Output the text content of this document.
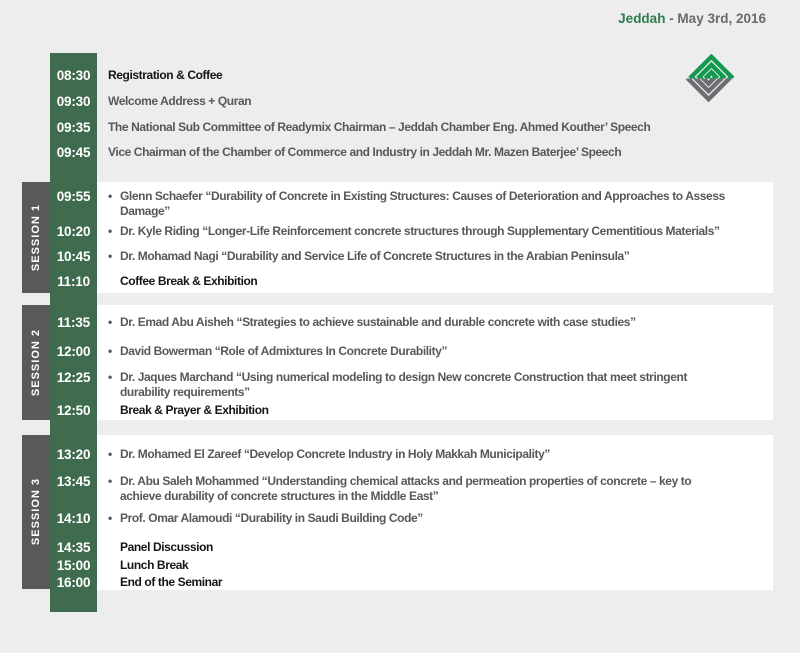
Jeddah - May 3rd, 2016
SESSION 1
SESSION 2
SESSION 3
08:30	Registration & Coffee
09:30	Welcome Address + Quran
09:35	The National Sub Committee of Readymix Chairman – Jeddah Chamber Eng. Ahmed Kouther’ Speech
09:45	Vice Chairman of the Chamber of Commerce and Industry in Jeddah Mr. Mazen Baterjee’ Speech
09:55	• Glenn Schaefer “Durability of Concrete in Existing Structures: Causes of Deterioration and Approaches to Assess Damage”
10:20	• Dr. Kyle Riding “Longer-Life Reinforcement concrete structures through Supplementary Cementitious Materials”
10:45	• Dr. Mohamad Nagi “Durability and Service Life of Concrete Structures in the Arabian Peninsula”
11:10	Coffee Break & Exhibition
11:35	• Dr. Emad Abu Aisheh “Strategies to achieve sustainable and durable concrete with case studies”
12:00	• David Bowerman “Role of Admixtures In Concrete Durability”
12:25	• Dr. Jaques Marchand “Using numerical modeling to design New concrete Construction that meet stringent durability requirements”
12:50	Break & Prayer & Exhibition
13:20	• Dr. Mohamed El Zareef “Develop Concrete Industry in Holy Makkah Municipality”
13:45	• Dr. Abu Saleh Mohammed “Understanding chemical attacks and permeation properties of concrete – key to achieve durability of concrete structures in the Middle East”
14:10	• Prof. Omar Alamoudi “Durability in Saudi Building Code”
14:35	Panel Discussion
15:00	Lunch Break
16:00	End of the Seminar
